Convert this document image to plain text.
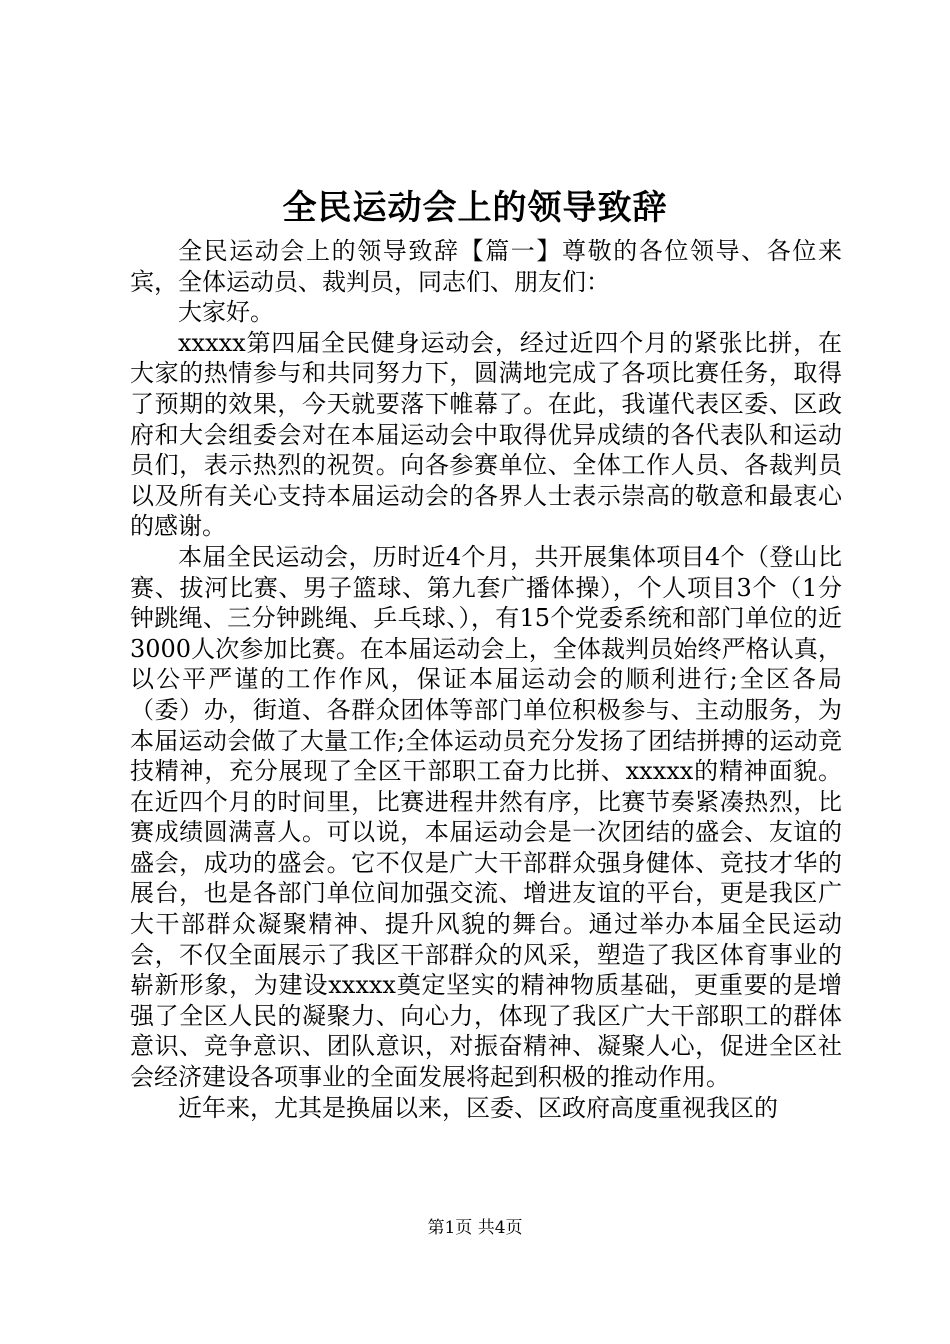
全民运动会上的领导致辞

全民运动会上的领导致辞【篇一】尊敬的各位领导、各位来宾，全体运动员、裁判员，同志们、朋友们：

大家好。

xxxxx第四届全民健身运动会，经过近四个月的紧张比拼，在大家的热情参与和共同努力下，圆满地完成了各项比赛任务，取得了预期的效果，今天就要落下帷幕了。在此，我谨代表区委、区政府和大会组委会对在本届运动会中取得优异成绩的各代表队和运动员们，表示热烈的祝贺。向各参赛单位、全体工作人员、各裁判员以及所有关心支持本届运动会的各界人士表示崇高的敬意和最衷心的感谢。

本届全民运动会，历时近4个月，共开展集体项目4个（登山比赛、拔河比赛、男子篮球、第九套广播体操），个人项目3个（1分钟跳绳、三分钟跳绳、乒乓球、），有15个党委系统和部门单位的近3000人次参加比赛。在本届运动会上，全体裁判员始终严格认真，以公平严谨的工作作风，保证本届运动会的顺利进行;全区各局（委）办，街道、各群众团体等部门单位积极参与、主动服务，为本届运动会做了大量工作;全体运动员充分发扬了团结拼搏的运动竞技精神，充分展现了全区干部职工奋力比拼、xxxxx的精神面貌。在近四个月的时间里，比赛进程井然有序，比赛节奏紧凑热烈，比赛成绩圆满喜人。可以说，本届运动会是一次团结的盛会、友谊的盛会，成功的盛会。它不仅是广大干部群众强身健体、竞技才华的展台，也是各部门单位间加强交流、增进友谊的平台，更是我区广大干部群众凝聚精神、提升风貌的舞台。通过举办本届全民运动会，不仅全面展示了我区干部群众的风采，塑造了我区体育事业的崭新形象，为建设xxxxx奠定坚实的精神物质基础，更重要的是增强了全区人民的凝聚力、向心力，体现了我区广大干部职工的群体意识、竞争意识、团队意识，对振奋精神、凝聚人心，促进全区社会经济建设各项事业的全面发展将起到积极的推动作用。

近年来，尤其是换届以来，区委、区政府高度重视我区的

第1页 共4页
